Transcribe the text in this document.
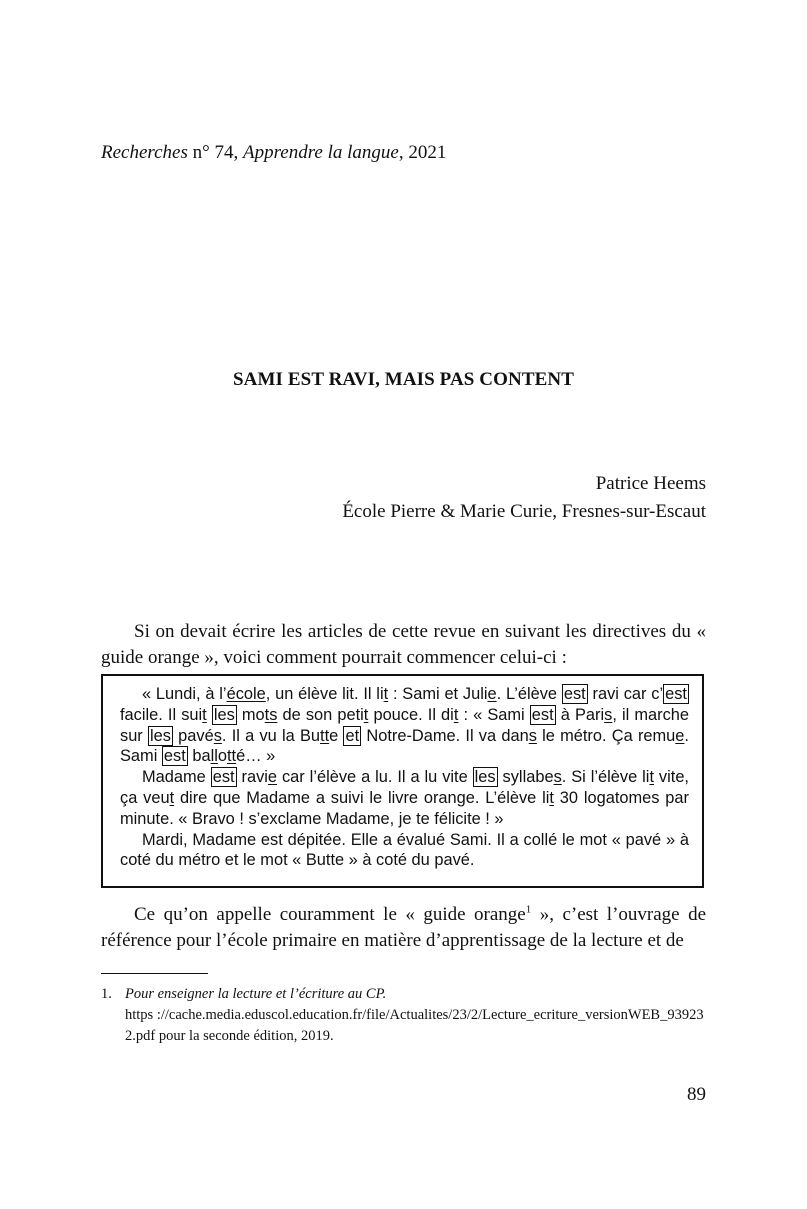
Recherches n° 74, Apprendre la langue, 2021
SAMI EST RAVI, MAIS PAS CONTENT
Patrice Heems
École Pierre & Marie Curie, Fresnes-sur-Escaut
Si on devait écrire les articles de cette revue en suivant les directives du « guide orange », voici comment pourrait commencer celui-ci :

« Lundi, à l’école, un élève lit. Il lit : Sami et Julie. L’élève est ravi car c’ est facile. Il suit les mots de son petit pouce. Il dit : « Sami est à Paris, il marche sur les pavés. Il a vu la Butte et Notre-Dame. Il va dans le métro. Ça remue. Sami est ballotté… »

Madame est ravie car l’élève a lu. Il a lu vite les syllabes. Si l’élève lit vite, ça veut dire que Madame a suivi le livre orange. L’élève lit 30 logatomes par minute. « Bravo ! s’exclame Madame, je te félicite ! »

Mardi, Madame est dépitée. Elle a évalué Sami. Il a collé le mot « pavé » à coté du métro et le mot « Butte » à coté du pavé.

Ce qu’on appelle couramment le « guide orange$^1$ », c’est l’ouvrage de référence pour l’école primaire en matière d’apprentissage de la lecture et de
1. Pour enseigner la lecture et l’écriture au CP.
https ://cache.media.eduscol.education.fr/file/Actualites/23/2/Lecture_ecriture_versionWEB_939232.pdf pour la seconde édition, 2019.
89
